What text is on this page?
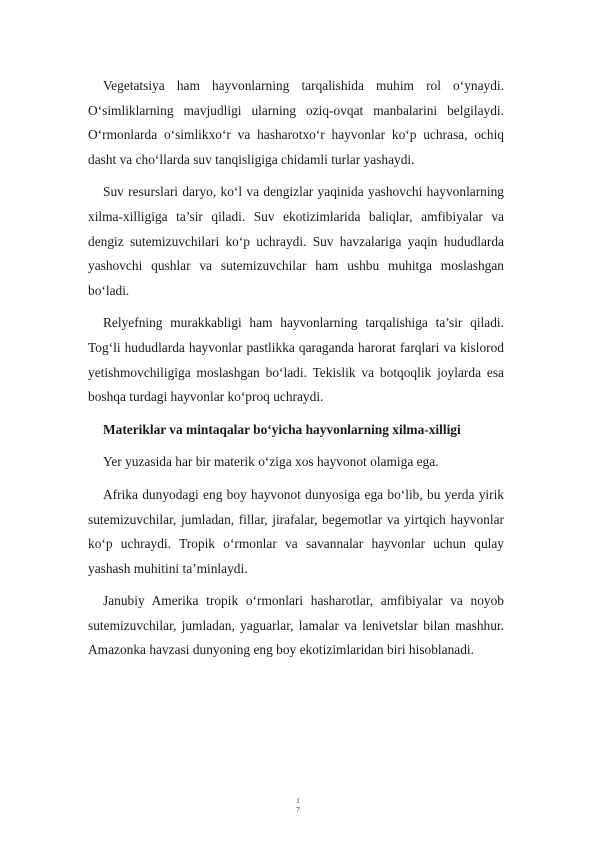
Vegetatsiya ham hayvonlarning tarqalishida muhim rol o‘ynaydi. O‘simliklarning mavjudligi ularning oziq-ovqat manbalarini belgilaydi. O‘rmonlarda o‘simlikxo‘r va hasharotxo‘r hayvonlar ko‘p uchrasa, ochiq dasht va cho‘llarda suv tanqisligiga chidamli turlar yashaydi.

Suv resurslari daryo, ko‘l va dengizlar yaqinida yashovchi hayvonlarning xilma-xilligiga ta’sir qiladi. Suv ekotizimlarida baliqlar, amfibiyalar va dengiz sutemizuvchilari ko‘p uchraydi. Suv havzalariga yaqin hududlarda yashovchi qushlar va sutemizuvchilar ham ushbu muhitga moslashgan bo‘ladi.

Relyefning murakkabligi ham hayvonlarning tarqalishiga ta’sir qiladi. Tog‘li hududlarda hayvonlar pastlikka qaraganda harorat farqlari va kislorod yetishmovchiligiga moslashgan bo‘ladi. Tekislik va botqoqlik joylarda esa boshqa turdagi hayvonlar ko‘proq uchraydi.

Materiklar va mintaqalar bo‘yicha hayvonlarning xilma-xilligi

Yer yuzasida har bir materik o‘ziga xos hayvonot olamiga ega.

Afrika dunyodagi eng boy hayvonot dunyosiga ega bo‘lib, bu yerda yirik sutemizuvchilar, jumladan, fillar, jirafalar, begemotlar va yirtqich hayvonlar ko‘p uchraydi. Tropik o‘rmonlar va savannalar hayvonlar uchun qulay yashash muhitini ta’minlaydi.

Janubiy Amerika tropik o‘rmonlari hasharotlar, amfibiyalar va noyob sutemizuvchilar, jumladan, yaguarlar, lamalar va lenivetslar bilan mashhur. Amazonka havzasi dunyoning eng boy ekotizimlaridan biri hisoblanadi.

1
7
